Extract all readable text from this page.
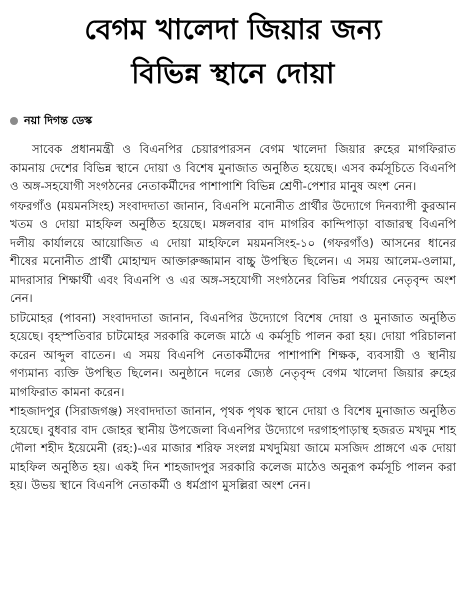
বেগম খালেদা জিয়ার জন্য
বিভিন্ন স্থানে দোয়া
নয়া দিগন্ত ডেস্ক

সাবেক প্রধানমন্ত্রী ও বিএনপির চেয়ারপারসন বেগম খালেদা জিয়ার রুহের মাগফিরাত কামনায় দেশের বিভিন্ন স্থানে দোয়া ও বিশেষ মুনাজাত অনুষ্ঠিত হয়েছে। এসব কর্মসূচিতে বিএনপি ও অঙ্গ-সহযোগী সংগঠনের নেতাকর্মীদের পাশাপাশি বিভিন্ন শ্রেণী-পেশার মানুষ অংশ নেন।

গফরগাঁও (ময়মনসিংহ) সংবাদদাতা জানান, বিএনপি মনোনীত প্রার্থীর উদ্যোগে দিনব্যাপী কুরআন খতম ও দোয়া মাহফিল অনুষ্ঠিত হয়েছে। মঙ্গলবার বাদ মাগরিব কান্দিপাড়া বাজারস্থ বিএনপি দলীয় কার্যালয়ে আয়োজিত এ দোয়া মাহফিলে ময়মনসিংহ-১০ (গফরগাঁও) আসনের ধানের শীষের মনোনীত প্রার্থী মোহাম্মদ আক্তারুজ্জামান বাচ্চু উপস্থিত ছিলেন। এ সময় আলেম-ওলামা, মাদরাসার শিক্ষার্থী এবং বিএনপি ও এর অঙ্গ-সহযোগী সংগঠনের বিভিন্ন পর্যায়ের নেতৃবৃন্দ অংশ নেন।

চাটমোহর (পাবনা) সংবাদদাতা জানান, বিএনপির উদ্যোগে বিশেষ দোয়া ও মুনাজাত অনুষ্ঠিত হয়েছে। বৃহস্পতিবার চাটমোহর সরকারি কলেজ মাঠে এ কর্মসূচি পালন করা হয়। দোয়া পরিচালনা করেন আব্দুল বাতেন। এ সময় বিএনপি নেতাকর্মীদের পাশাপাশি শিক্ষক, ব্যবসায়ী ও স্থানীয় গণ্যমান্য ব্যক্তি উপস্থিত ছিলেন। অনুষ্ঠানে দলের জ্যেষ্ঠ নেতৃবৃন্দ বেগম খালেদা জিয়ার রুহের মাগফিরাত কামনা করেন।

শাহজাদপুর (সিরাজগঞ্জ) সংবাদদাতা জানান, পৃথক পৃথক স্থানে দোয়া ও বিশেষ মুনাজাত অনুষ্ঠিত হয়েছে। বুধবার বাদ জোহর স্থানীয় উপজেলা বিএনপির উদ্যোগে দরগাহপাড়াস্থ হজরত মখদুম শাহ দৌলা শহীদ ইয়েমেনী (রহ:)-এর মাজার শরিফ সংলগ্ন মখদুমিয়া জামে মসজিদ প্রাঙ্গণে এক দোয়া মাহফিল অনুষ্ঠিত হয়। একই দিন শাহজাদপুর সরকারি কলেজ মাঠেও অনুরূপ কর্মসূচি পালন করা হয়। উভয় স্থানে বিএনপি নেতাকর্মী ও ধর্মপ্রাণ মুসল্লিরা অংশ নেন।
